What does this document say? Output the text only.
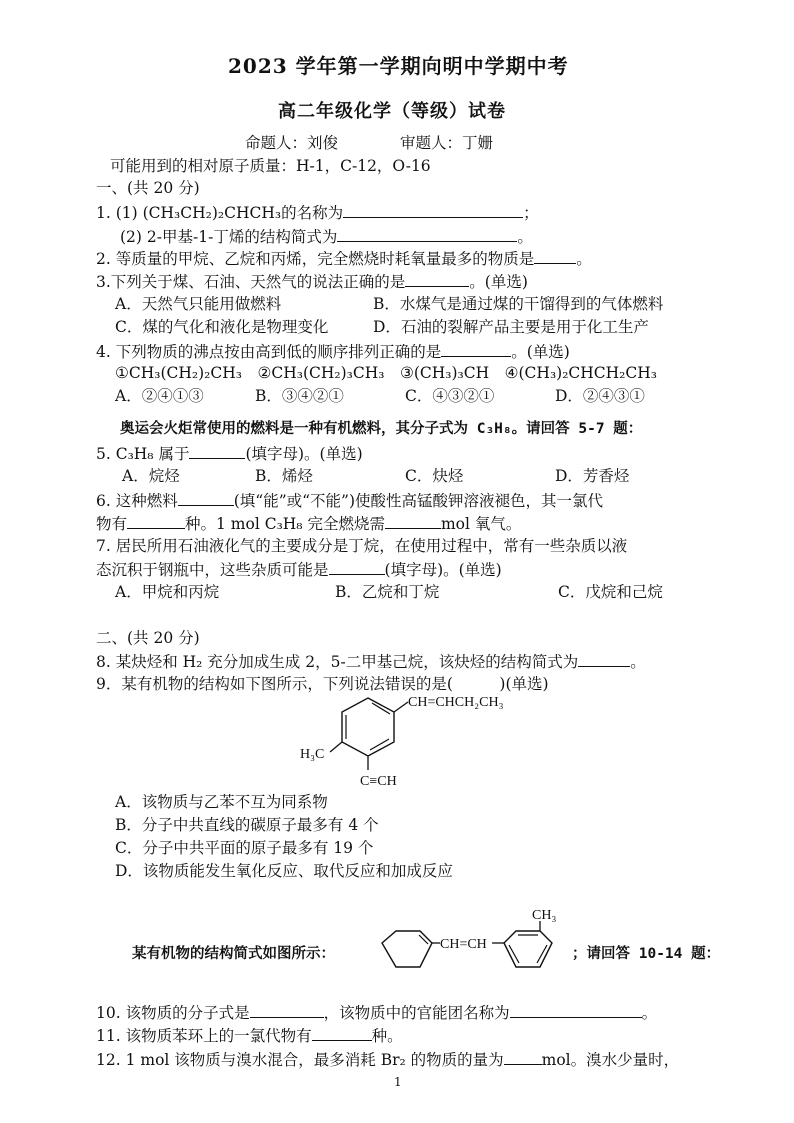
2023 学年第一学期向明中学期中考
高二年级化学（等级）试卷
命题人：刘俊　　　　审题人：丁姗
可能用到的相对原子质量：H-1，C-12，O-16
一、(共 20 分)
1. (1) (CH₃CH₂)₂CHCH₃的名称为	；
(2) 2-甲基-1-丁烯的结构简式为	。
2. 等质量的甲烷、乙烷和丙烯，完全燃烧时耗氧量最多的物质是	。
3.下列关于煤、石油、天然气的说法正确的是	。(单选)
A．天然气只能用做燃料	B．水煤气是通过煤的干馏得到的气体燃料
C．煤的气化和液化是物理变化	D．石油的裂解产品主要是用于化工生产
4. 下列物质的沸点按由高到低的顺序排列正确的是	。(单选)
①CH₃(CH₂)₂CH₃　②CH₃(CH₂)₃CH₃　③(CH₃)₃CH　④(CH₃)₂CHCH₂CH₃
A．②④①③	B．③④②①	C．④③②①	D．②④③①
奥运会火炬常使用的燃料是一种有机燃料，其分子式为 C₃H₈。请回答 5-7 题：
5. C₃H₈ 属于	(填字母)。(单选)
A．烷烃	B．烯烃	C．炔烃	D．芳香烃
6. 这种燃料	(填“能”或“不能”)使酸性高锰酸钾溶液褪色，其一氯代
物有	种。1 mol C₃H₈ 完全燃烧需	mol 氧气。
7. 居民所用石油液化气的主要成分是丁烷，在使用过程中，常有一些杂质以液
态沉积于钢瓶中，这些杂质可能是	(填字母)。(单选)
A．甲烷和丙烷	B．乙烷和丁烷	C．戊烷和己烷
二、(共 20 分)
8. 某炔烃和 H₂ 充分加成生成 2，5-二甲基己烷，该炔烃的结构简式为	。
9．某有机物的结构如下图所示，下列说法错误的是(　　　)(单选)
CH=CHCH₂CH₃
H₃C
C≡CH
A．该物质与乙苯不互为同系物
B．分子中共直线的碳原子最多有 4 个
C．分子中共平面的原子最多有 19 个
D．该物质能发生氧化反应、取代反应和加成反应
某有机物的结构简式如图所示：
CH=CH
CH₃
；请回答 10-14 题：
10. 该物质的分子式是	，该物质中的官能团名称为	。
11. 该物质苯环上的一氯代物有	种。
12. 1 mol 该物质与溴水混合，最多消耗 Br₂ 的物质的量为 mol。溴水少量时，
1
